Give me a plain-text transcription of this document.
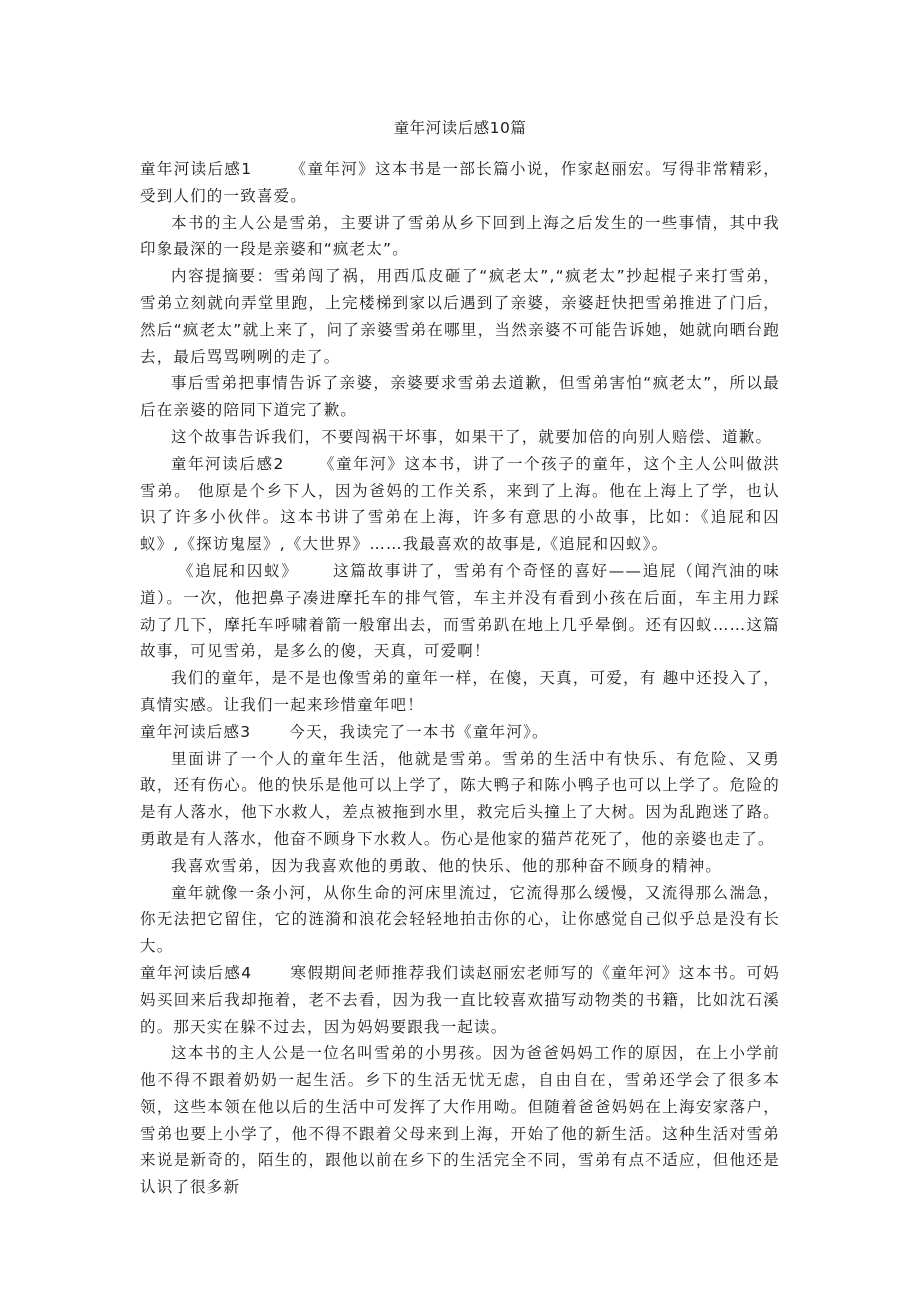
童年河读后感10篇

童年河读后感1 《童年河》这本书是一部长篇小说，作家赵丽宏。写得非常精彩，受到人们的一致喜爱。

本书的主人公是雪弟，主要讲了雪弟从乡下回到上海之后发生的一些事情，其中我印象最深的一段是亲婆和“疯老太”。

内容提摘要：雪弟闯了祸，用西瓜皮砸了“疯老太”,“疯老太”抄起棍子来打雪弟，雪弟立刻就向弄堂里跑，上完楼梯到家以后遇到了亲婆，亲婆赶快把雪弟推进了门后，然后“疯老太”就上来了，问了亲婆雪弟在哪里，当然亲婆不可能告诉她，她就向晒台跑去，最后骂骂咧咧的走了。

事后雪弟把事情告诉了亲婆，亲婆要求雪弟去道歉，但雪弟害怕“疯老太”，所以最后在亲婆的陪同下道完了歉。

这个故事告诉我们，不要闯祸干坏事，如果干了，就要加倍的向别人赔偿、道歉。

童年河读后感2 《童年河》这本书，讲了一个孩子的童年，这个主人公叫做洪雪弟。 他原是个乡下人，因为爸妈的工作关系，来到了上海。他在上海上了学，也认识了许多小伙伴。这本书讲了雪弟在上海，许多有意思的小故事，比如：《追屁和囚蚁》,《探访鬼屋》,《大世界》……我最喜欢的故事是,《追屁和囚蚁》。

《追屁和囚蚁》 这篇故事讲了，雪弟有个奇怪的喜好——追屁（闻汽油的味道）。一次，他把鼻子凑进摩托车的排气管，车主并没有看到小孩在后面，车主用力踩动了几下，摩托车呼啸着箭一般窜出去，而雪弟趴在地上几乎晕倒。还有囚蚁……这篇故事，可见雪弟，是多么的傻，天真，可爱啊！

我们的童年，是不是也像雪弟的童年一样，在傻，天真，可爱，有 趣中还投入了，真情实感。让我们一起来珍惜童年吧！

童年河读后感3 今天，我读完了一本书《童年河》。

里面讲了一个人的童年生活，他就是雪弟。雪弟的生活中有快乐、有危险、又勇敢，还有伤心。他的快乐是他可以上学了，陈大鸭子和陈小鸭子也可以上学了。危险的是有人落水，他下水救人，差点被拖到水里，救完后头撞上了大树。因为乱跑迷了路。勇敢是有人落水，他奋不顾身下水救人。伤心是他家的猫芦花死了，他的亲婆也走了。

我喜欢雪弟，因为我喜欢他的勇敢、他的快乐、他的那种奋不顾身的精神。

童年就像一条小河，从你生命的河床里流过，它流得那么缓慢，又流得那么湍急，你无法把它留住，它的涟漪和浪花会轻轻地拍击你的心，让你感觉自己似乎总是没有长大。

童年河读后感4 寒假期间老师推荐我们读赵丽宏老师写的《童年河》这本书。可妈妈买回来后我却拖着，老不去看，因为我一直比较喜欢描写动物类的书籍，比如沈石溪的。那天实在躲不过去，因为妈妈要跟我一起读。

这本书的主人公是一位名叫雪弟的小男孩。因为爸爸妈妈工作的原因，在上小学前他不得不跟着奶奶一起生活。乡下的生活无忧无虑，自由自在，雪弟还学会了很多本领，这些本领在他以后的生活中可发挥了大作用呦。但随着爸爸妈妈在上海安家落户，雪弟也要上小学了，他不得不跟着父母来到上海，开始了他的新生活。这种生活对雪弟来说是新奇的，陌生的，跟他以前在乡下的生活完全不同，雪弟有点不适应，但他还是认识了很多新
